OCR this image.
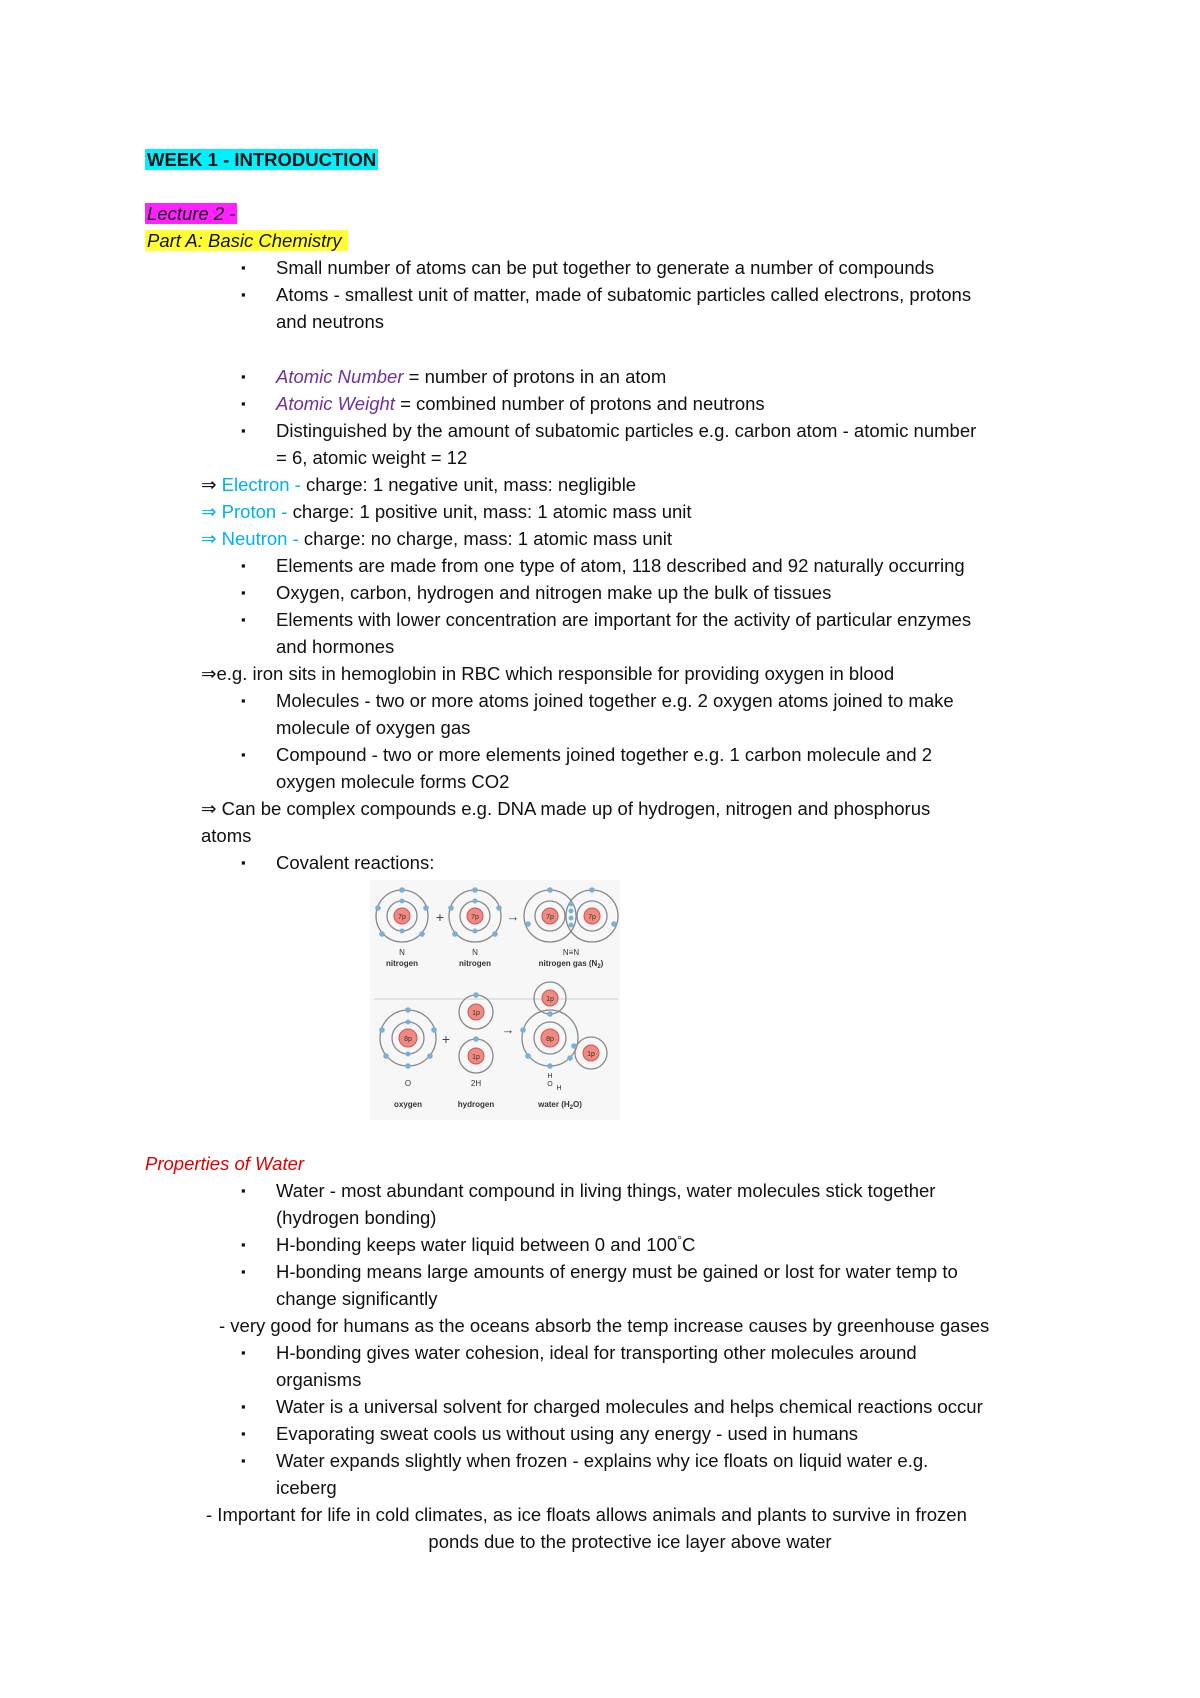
WEEK 1 - INTRODUCTION
Lecture 2 -
Part A: Basic Chemistry
▪ Small number of atoms can be put together to generate a number of compounds
▪ Atoms - smallest unit of matter, made of subatomic particles called electrons, protons
and neutrons
▪ Atomic Number = number of protons in an atom
▪ Atomic Weight = combined number of protons and neutrons
▪ Distinguished by the amount of subatomic particles e.g. carbon atom - atomic number
= 6, atomic weight = 12
⇒ Electron - charge: 1 negative unit, mass: negligible
⇒ Proton - charge: 1 positive unit, mass: 1 atomic mass unit
⇒ Neutron - charge: no charge, mass: 1 atomic mass unit
▪ Elements are made from one type of atom, 118 described and 92 naturally occurring
▪ Oxygen, carbon, hydrogen and nitrogen make up the bulk of tissues
▪ Elements with lower concentration are important for the activity of particular enzymes
and hormones
⇒e.g. iron sits in hemoglobin in RBC which responsible for providing oxygen in blood
▪ Molecules - two or more atoms joined together e.g. 2 oxygen atoms joined to make
molecule of oxygen gas
▪ Compound - two or more elements joined together e.g. 1 carbon molecule and 2
oxygen molecule forms CO2
⇒ Can be complex compounds e.g. DNA made up of hydrogen, nitrogen and phosphorus
atoms
▪ Covalent reactions:
7p +	7p →	7p	7p
N	N	N≡N
nitrogen	nitrogen	nitrogen gas $(N_2)$
8p +
1p
1p
→
8p
1p
1p
O	2H
H
O
H
oxygen	hydrogen	water $(H_2O)$
Properties of Water
▪ Water - most abundant compound in living things, water molecules stick together
(hydrogen bonding)
▪ H-bonding keeps water liquid between 0 and 100°C
▪ H-bonding means large amounts of energy must be gained or lost for water temp to
change significantly
- very good for humans as the oceans absorb the temp increase causes by greenhouse gases
▪ H-bonding gives water cohesion, ideal for transporting other molecules around
organisms
▪ Water is a universal solvent for charged molecules and helps chemical reactions occur
▪ Evaporating sweat cools us without using any energy - used in humans
▪ Water expands slightly when frozen - explains why ice floats on liquid water e.g.
iceberg
- Important for life in cold climates, as ice floats allows animals and plants to survive in frozen
ponds due to the protective ice layer above water
